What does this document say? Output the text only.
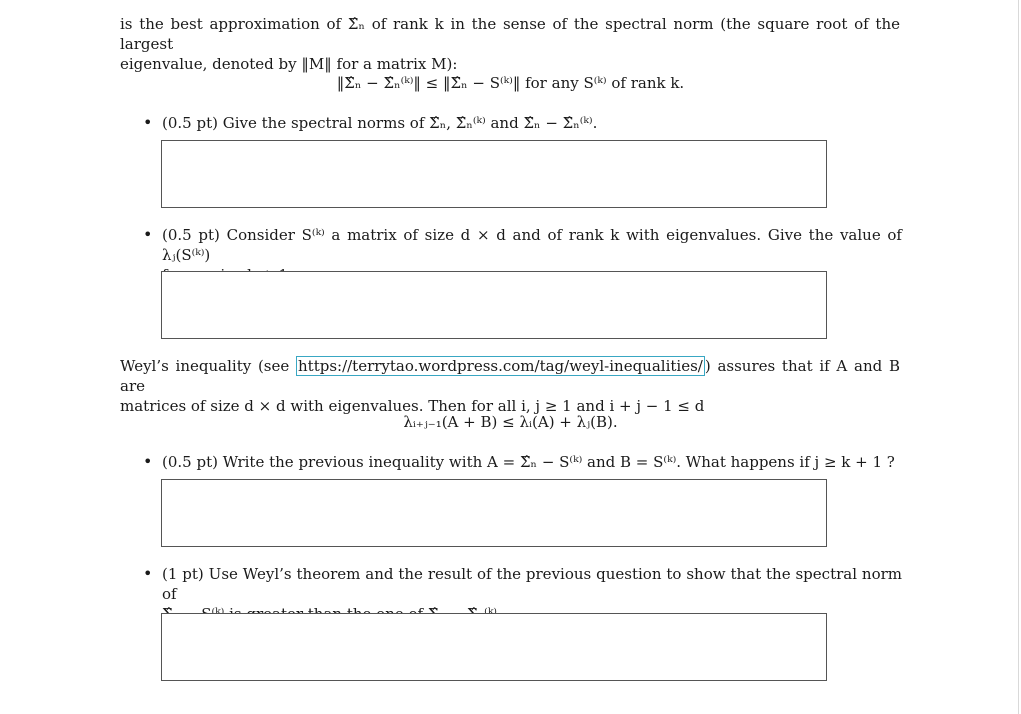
is the best approximation of Σ̂ₙ of rank k in the sense of the spectral norm (the square root of the largest
eigenvalue, denoted by ‖M‖ for a matrix M):
‖Σ̂ₙ − Σ̂ₙ⁽ᵏ⁾‖ ≤ ‖Σ̂ₙ − S⁽ᵏ⁾‖ for any S⁽ᵏ⁾ of rank k.
• (0.5 pt) Give the spectral norms of Σ̂ₙ, Σ̂ₙ⁽ᵏ⁾ and Σ̂ₙ − Σ̂ₙ⁽ᵏ⁾.
• (0.5 pt) Consider S⁽ᵏ⁾ a matrix of size d × d and of rank k with eigenvalues. Give the value of λⱼ(S⁽ᵏ⁾)
Weyl’s inequality (see https://terrytao.wordpress.com/tag/weyl-inequalities/ ) assures that if A and B are
matrices of size d × d with eigenvalues. Then for all i, j ≥ 1 and i + j − 1 ≤ d
λᵢ₊ⱼ₋₁(A + B) ≤ λᵢ(A) + λⱼ(B).
• (0.5 pt) Write the previous inequality with A = Σ̂ₙ − S⁽ᵏ⁾ and B = S⁽ᵏ⁾. What happens if j ≥ k + 1 ?
• (1 pt) Use Weyl’s theorem and the result of the previous question to show that the spectral norm of
